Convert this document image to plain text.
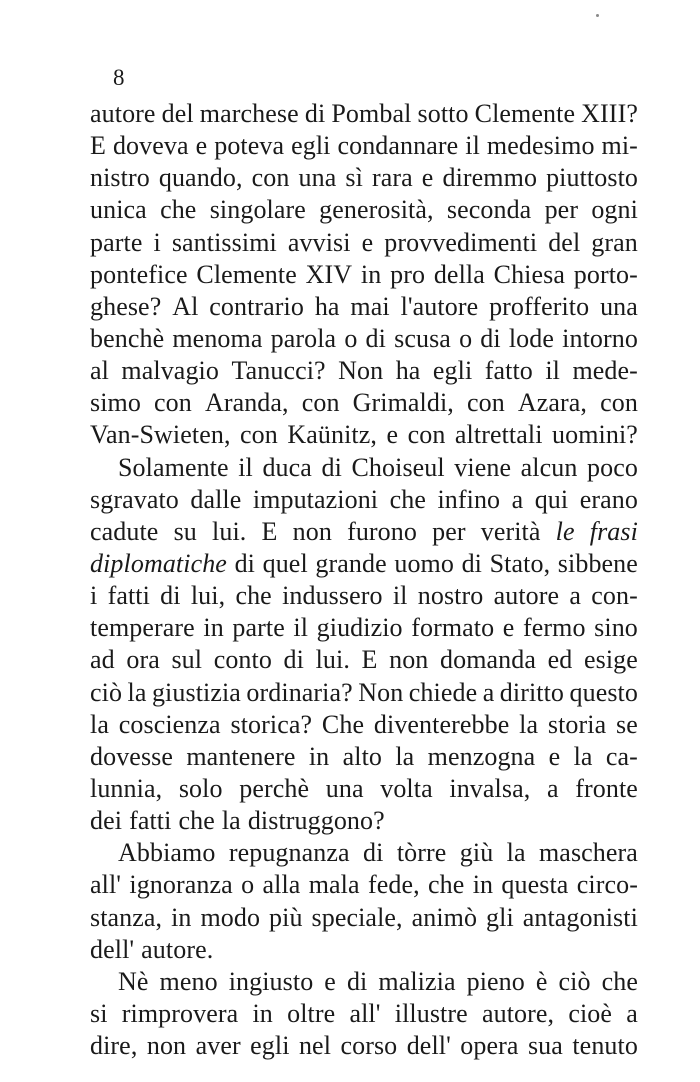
8
autore del marchese di Pombal sotto Clemente XIII?
E doveva e poteva egli condannare il medesimo mi-
nistro quando, con una sì rara e diremmo piuttosto
unica che singolare generosità, seconda per ogni
parte i santissimi avvisi e provvedimenti del gran
pontefice Clemente XIV in pro della Chiesa porto-
ghese? Al contrario ha mai l'autore profferito una
benchè menoma parola o di scusa o di lode intorno
al malvagio Tanucci? Non ha egli fatto il mede-
simo con Aranda, con Grimaldi, con Azara, con
Van-Swieten, con Kaünitz, e con altrettali uomini?
Solamente il duca di Choiseul viene alcun poco
sgravato dalle imputazioni che infino a qui erano
cadute su lui. E non furono per verità le frasi
diplomatiche di quel grande uomo di Stato, sibbene
i fatti di lui, che indussero il nostro autore a con-
temperare in parte il giudizio formato e fermo sino
ad ora sul conto di lui. E non domanda ed esige
ciò la giustizia ordinaria? Non chiede a diritto questo
la coscienza storica? Che diventerebbe la storia se
dovesse mantenere in alto la menzogna e la ca-
lunnia, solo perchè una volta invalsa, a fronte
dei fatti che la distruggono?
Abbiamo repugnanza di tòrre giù la maschera
all' ignoranza o alla mala fede, che in questa circo-
stanza, in modo più speciale, animò gli antagonisti
dell' autore.
Nè meno ingiusto e di malizia pieno è ciò che
si rimprovera in oltre all' illustre autore, cioè a
dire, non aver egli nel corso dell' opera sua tenuto
